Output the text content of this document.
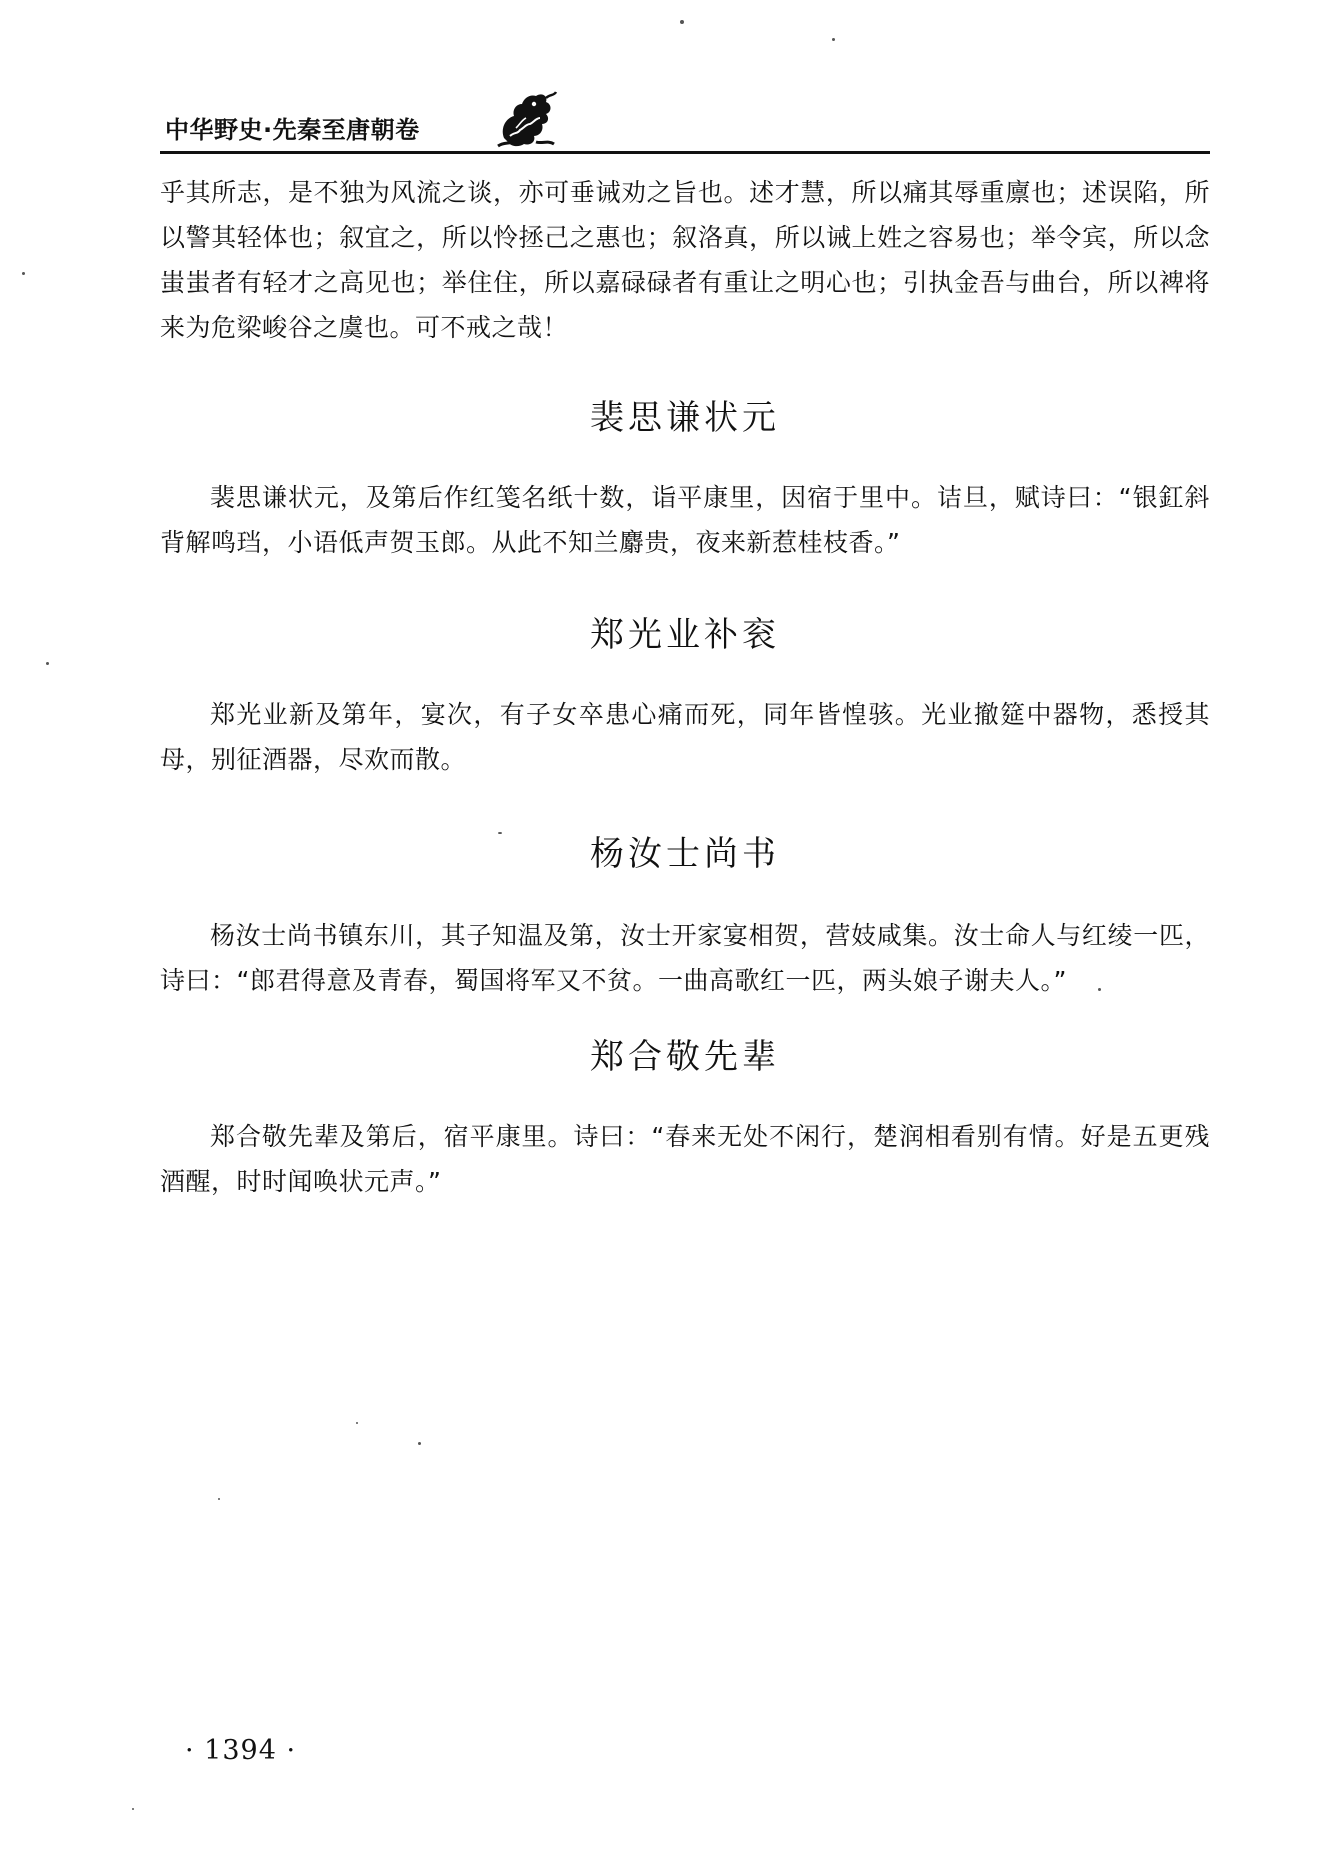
中华野史·先秦至唐朝卷

乎其所志，是不独为风流之谈，亦可垂诫劝之旨也。述才慧，所以痛其辱重廪也；述误陷，所以警其轻体也；叙宜之，所以怜拯己之惠也；叙洛真，所以诫上姓之容易也；举令宾，所以念蚩蚩者有轻才之高见也；举住住，所以嘉碌碌者有重让之明心也；引执金吾与曲台，所以裨将来为危梁峻谷之虞也。可不戒之哉！

裴思谦状元

裴思谦状元，及第后作红笺名纸十数，诣平康里，因宿于里中。诘旦，赋诗曰：“银釭斜背解鸣珰，小语低声贺玉郎。从此不知兰麝贵，夜来新惹桂枝香。”

郑光业补衮

郑光业新及第年，宴次，有子女卒患心痛而死，同年皆惶骇。光业撤筵中器物，悉授其母，别征酒器，尽欢而散。

杨汝士尚书

杨汝士尚书镇东川，其子知温及第，汝士开家宴相贺，营妓咸集。汝士命人与红绫一匹，诗曰：“郎君得意及青春，蜀国将军又不贫。一曲高歌红一匹，两头娘子谢夫人。”

郑合敬先辈

郑合敬先辈及第后，宿平康里。诗曰：“春来无处不闲行，楚润相看别有情。好是五更残酒醒，时时闻唤状元声。”

· 1394 ·
